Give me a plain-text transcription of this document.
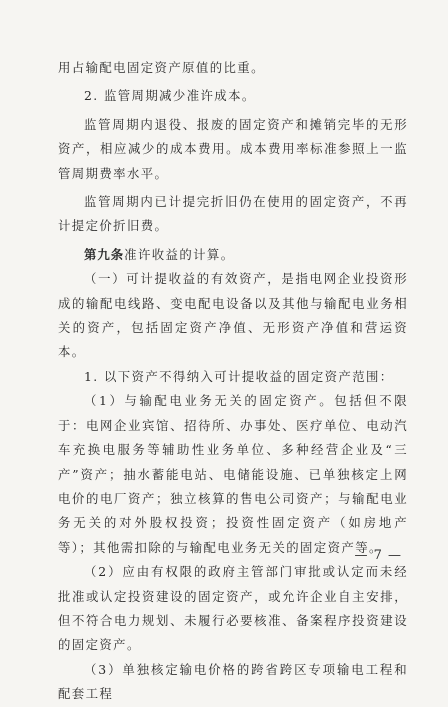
用占输配电固定资产原值的比重。

2. 监管周期减少准许成本。

监管周期内退役、报废的固定资产和摊销完毕的无形资产，相应减少的成本费用。成本费用率标准参照上一监管周期费率水平。

监管周期内已计提完折旧仍在使用的固定资产，不再计提定价折旧费。

第九条准许收益的计算。

（一）可计提收益的有效资产，是指电网企业投资形成的输配电线路、变电配电设备以及其他与输配电业务相关的资产，包括固定资产净值、无形资产净值和营运资本。

1. 以下资产不得纳入可计提收益的固定资产范围：

（1）与输配电业务无关的固定资产。包括但不限于：电网企业宾馆、招待所、办事处、医疗单位、电动汽车充换电服务等辅助性业务单位、多种经营企业及“三产”资产；抽水蓄能电站、电储能设施、已单独核定上网电价的电厂资产；独立核算的售电公司资产；与输配电业务无关的对外股权投资；投资性固定资产（如房地产等）；其他需扣除的与输配电业务无关的固定资产等。

（2）应由有权限的政府主管部门审批或认定而未经批准或认定投资建设的固定资产，或允许企业自主安排，但不符合电力规划、未履行必要核准、备案程序投资建设的固定资产。

（3）单独核定输电价格的跨省跨区专项输电工程和配套工程

— 7 —
